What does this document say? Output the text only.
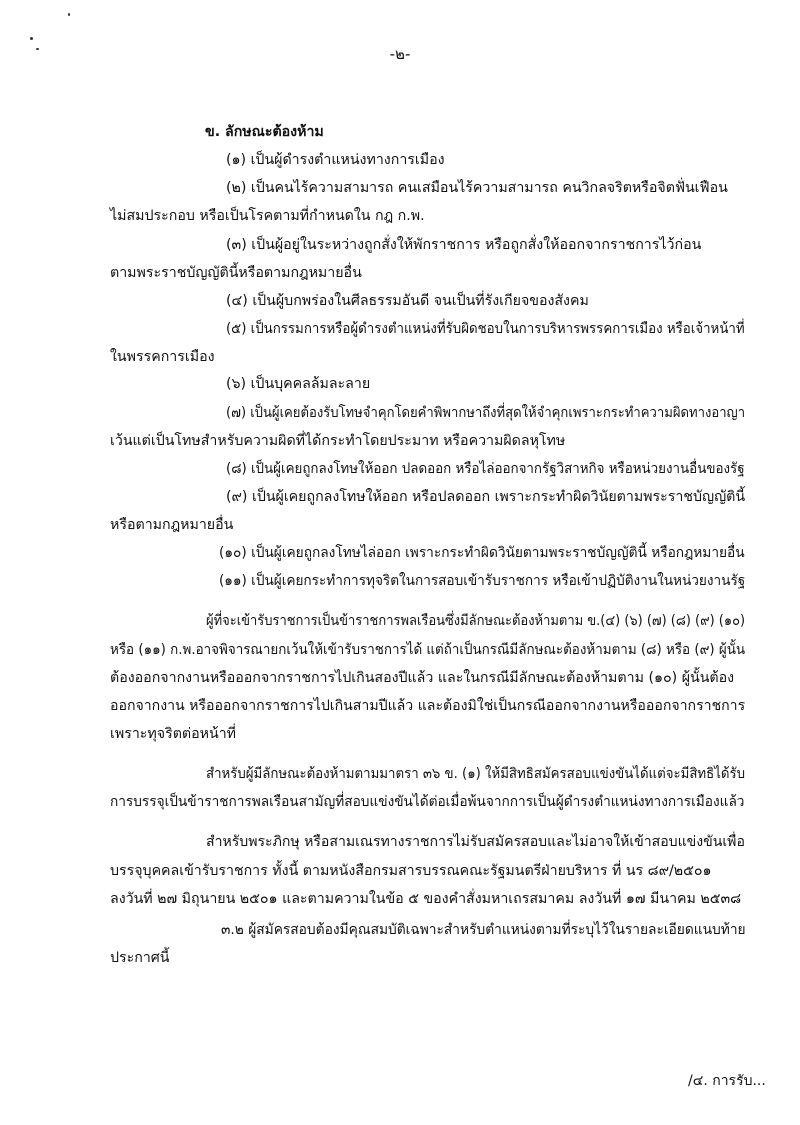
-๒-
ข. ลักษณะต้องห้าม
(๑) เป็นผู้ดำรงตำแหน่งทางการเมือง
(๒) เป็นคนไร้ความสามารถ คนเสมือนไร้ความสามารถ คนวิกลจริตหรือจิตฟั่นเฟือน
ไม่สมประกอบ หรือเป็นโรคตามที่กำหนดใน กฎ ก.พ.
(๓) เป็นผู้อยู่ในระหว่างถูกสั่งให้พักราชการ หรือถูกสั่งให้ออกจากราชการไว้ก่อน
ตามพระราชบัญญัตินี้หรือตามกฎหมายอื่น
(๔) เป็นผู้บกพร่องในศีลธรรมอันดี จนเป็นที่รังเกียจของสังคม
(๕) เป็นกรรมการหรือผู้ดำรงตำแหน่งที่รับผิดชอบในการบริหารพรรคการเมือง หรือเจ้าหน้าที่
ในพรรคการเมือง
(๖) เป็นบุคคลล้มละลาย
(๗) เป็นผู้เคยต้องรับโทษจำคุกโดยคำพิพากษาถึงที่สุดให้จำคุกเพราะกระทำความผิดทางอาญา
เว้นแต่เป็นโทษสำหรับความผิดที่ได้กระทำโดยประมาท หรือความผิดลหุโทษ
(๘) เป็นผู้เคยถูกลงโทษให้ออก ปลดออก หรือไล่ออกจากรัฐวิสาหกิจ หรือหน่วยงานอื่นของรัฐ
(๙) เป็นผู้เคยถูกลงโทษให้ออก หรือปลดออก เพราะกระทำผิดวินัยตามพระราชบัญญัตินี้
หรือตามกฎหมายอื่น
(๑๐) เป็นผู้เคยถูกลงโทษไล่ออก เพราะกระทำผิดวินัยตามพระราชบัญญัตินี้ หรือกฎหมายอื่น
(๑๑) เป็นผู้เคยกระทำการทุจริตในการสอบเข้ารับราชการ หรือเข้าปฏิบัติงานในหน่วยงานรัฐ
ผู้ที่จะเข้ารับราชการเป็นข้าราชการพลเรือนซึ่งมีลักษณะต้องห้ามตาม ข.(๔) (๖) (๗) (๘) (๙) (๑๐)
หรือ (๑๑) ก.พ.อาจพิจารณายกเว้นให้เข้ารับราชการได้ แต่ถ้าเป็นกรณีมีลักษณะต้องห้ามตาม (๘) หรือ (๙) ผู้นั้น
ต้องออกจากงานหรือออกจากราชการไปเกินสองปีแล้ว และในกรณีมีลักษณะต้องห้ามตาม (๑๐) ผู้นั้นต้อง
ออกจากงาน หรือออกจากราชการไปเกินสามปีแล้ว และต้องมิใช่เป็นกรณีออกจากงานหรือออกจากราชการ
เพราะทุจริตต่อหน้าที่
สำหรับผู้มีลักษณะต้องห้ามตามมาตรา ๓๖ ข. (๑) ให้มีสิทธิสมัครสอบแข่งขันได้แต่จะมีสิทธิได้รับ
การบรรจุเป็นข้าราชการพลเรือนสามัญที่สอบแข่งขันได้ต่อเมื่อพ้นจากการเป็นผู้ดำรงตำแหน่งทางการเมืองแล้ว
สำหรับพระภิกษุ หรือสามเณรทางราชการไม่รับสมัครสอบและไม่อาจให้เข้าสอบแข่งขันเพื่อ
บรรจุบุคคลเข้ารับราชการ ทั้งนี้ ตามหนังสือกรมสารบรรณคณะรัฐมนตรีฝ่ายบริหาร ที่ นร ๘๙/๒๕๐๑
ลงวันที่ ๒๗ มิถุนายน ๒๕๐๑ และตามความในข้อ ๕ ของคำสั่งมหาเถรสมาคม ลงวันที่ ๑๗ มีนาคม ๒๕๓๘
๓.๒ ผู้สมัครสอบต้องมีคุณสมบัติเฉพาะสำหรับตำแหน่งตามที่ระบุไว้ในรายละเอียดแนบท้าย
ประกาศนี้
/๔. การรับ...
